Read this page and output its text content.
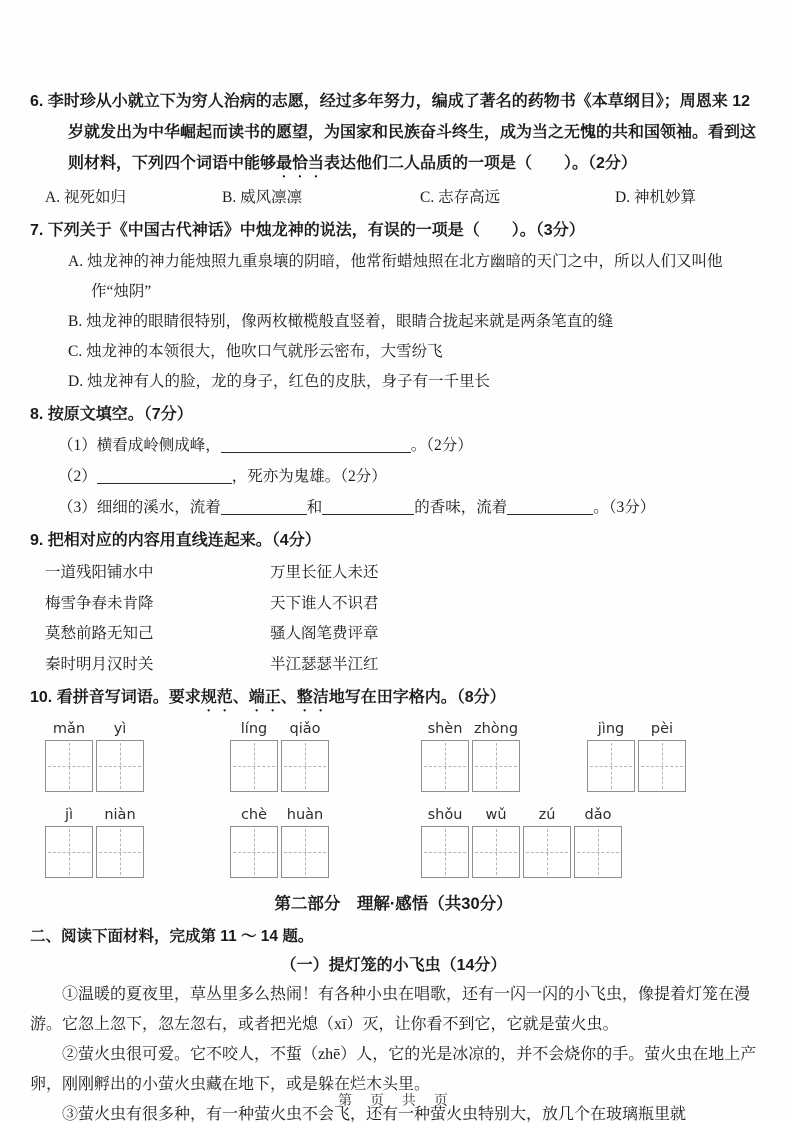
6. 李时珍从小就立下为穷人治病的志愿，经过多年努力，编成了著名的药物书《本草纲目》；周恩来 12 岁就发出为中华崛起而读书的愿望，为国家和民族奋斗终生，成为当之无愧的共和国领袖。看到这则材料，下列四个词语中能够最恰当表达他们二人品质的一项是（　　）。（2分）

A. 视死如归	B. 威风凛凛	C. 志存高远	D. 神机妙算

7. 下列关于《中国古代神话》中烛龙神的说法，有误的一项是（　　）。（3分）

A. 烛龙神的神力能烛照九重泉壤的阴暗，他常衔蜡烛照在北方幽暗的天门之中，所以人们又叫他作“烛阴”

B. 烛龙神的眼睛很特别，像两枚橄榄般直竖着，眼睛合拢起来就是两条笔直的缝

C. 烛龙神的本领很大，他吹口气就彤云密布，大雪纷飞

D. 烛龙神有人的脸，龙的身子，红色的皮肤，身子有一千里长

8. 按原文填空。（7分）

（1）横看成岭侧成峰，	。（2分）

（2）	，死亦为鬼雄。（2分）

（3）细细的溪水，流着	和	的香味，流着	。（3分）

9. 把相对应的内容用直线连起来。（4分）

一道残阳铺水中	万里长征人未还

梅雪争春未肯降	天下谁人不识君

莫愁前路无知己	骚人阁笔费评章

秦时明月汉时关	半江瑟瑟半江红

10. 看拼音写词语。要求规范、端正、整洁地写在田字格内。（8分）

mǎn yì	líng qiǎo	shèn zhòng	jìng pèi
jì niàn	chè huàn	shǒu wǔ zú dǎo

第二部分　理解·感悟（共30分）

二、阅读下面材料，完成第 11 ～ 14 题。

（一）提灯笼的小飞虫（14分）

①温暖的夏夜里，草丛里多么热闹！有各种小虫在唱歌，还有一闪一闪的小飞虫，像提着灯笼在漫游。它忽上忽下，忽左忽右，或者把光熄（xī）灭，让你看不到它，它就是萤火虫。

②萤火虫很可爱。它不咬人，不蜇（zhē）人，它的光是冰凉的，并不会烧你的手。萤火虫在地上产卵，刚刚孵出的小萤火虫藏在地下，或是躲在烂木头里。

③萤火虫有很多种，有一种萤火虫不会飞，还有一种萤火虫特别大，放几个在玻璃瓶里就

第 页 共 页
